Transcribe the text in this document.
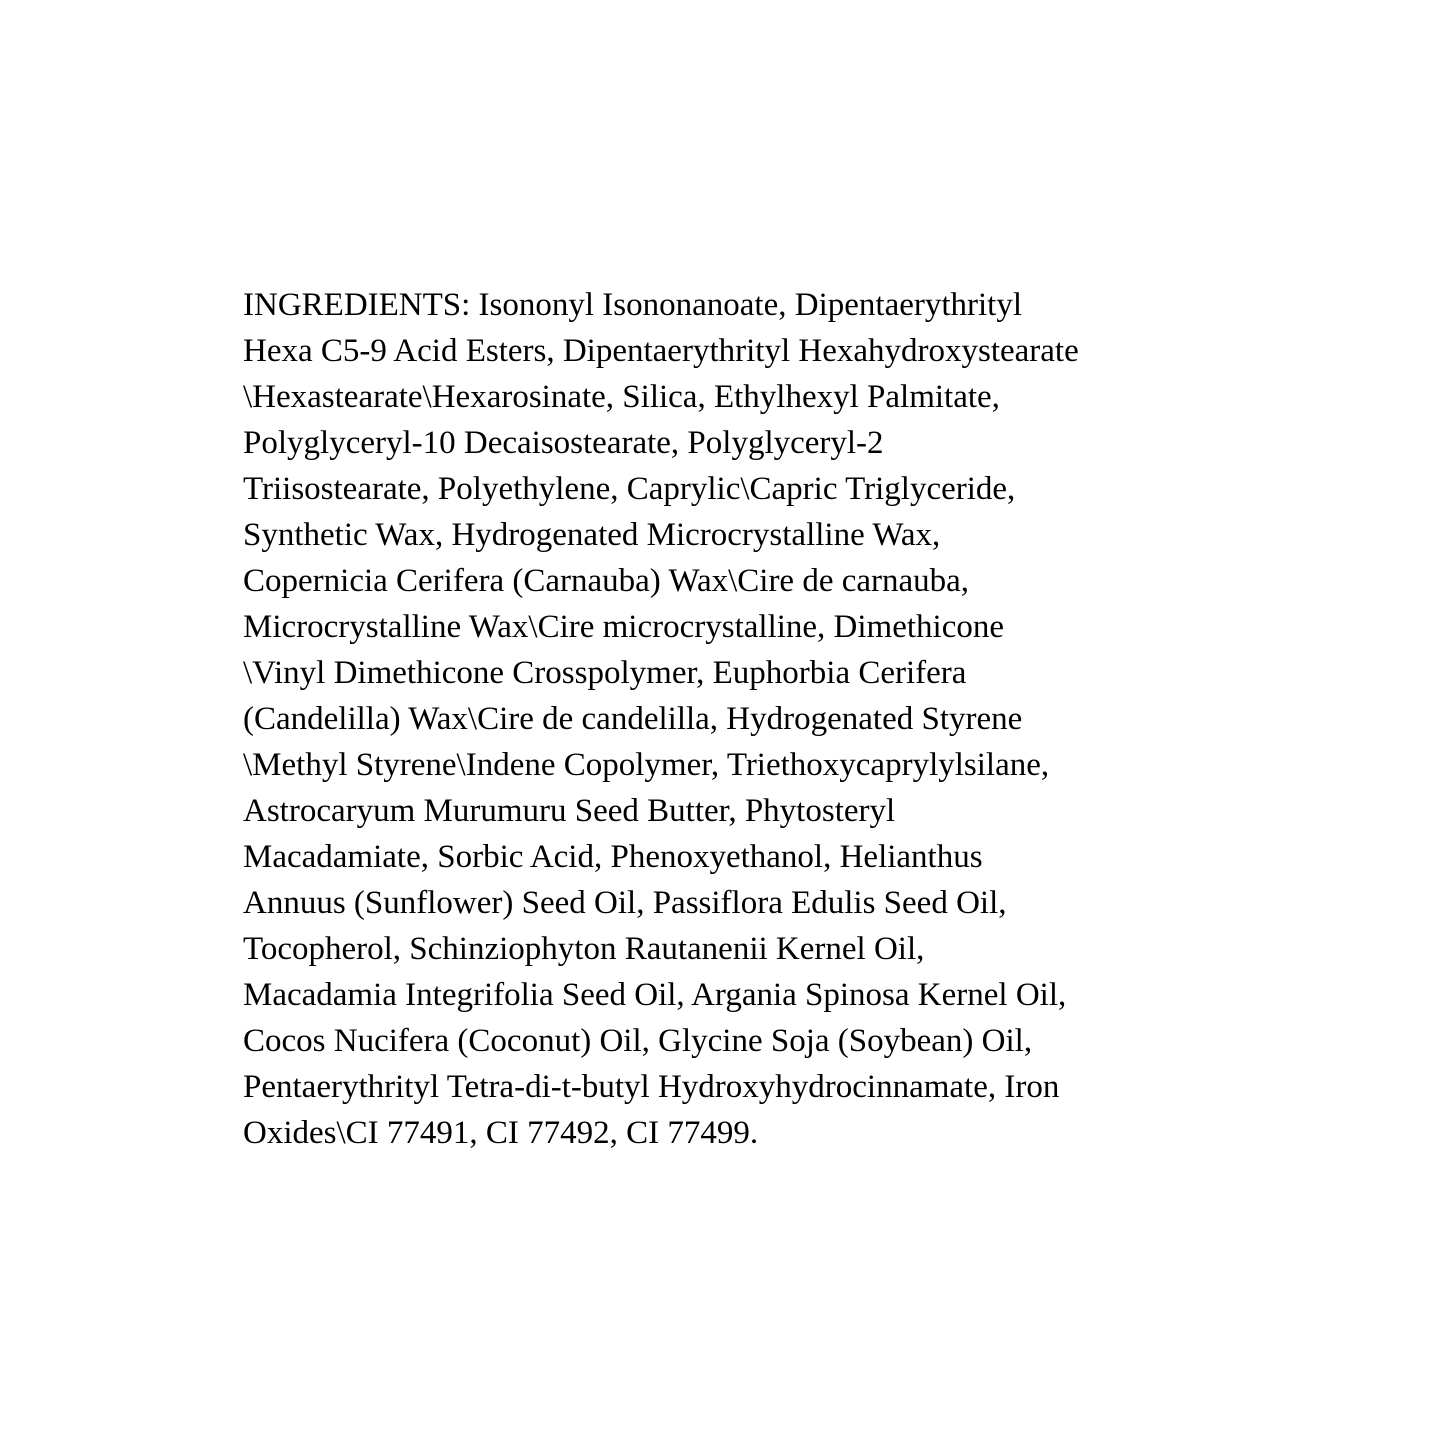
INGREDIENTS: Isononyl Isononanoate, Dipentaerythrityl
Hexa C5-9 Acid Esters, Dipentaerythrityl Hexahydroxystearate
\Hexastearate\Hexarosinate, Silica, Ethylhexyl Palmitate,
Polyglyceryl-10 Decaisostearate, Polyglyceryl-2
Triisostearate, Polyethylene, Caprylic\Capric Triglyceride,
Synthetic Wax, Hydrogenated Microcrystalline Wax,
Copernicia Cerifera (Carnauba) Wax\Cire de carnauba,
Microcrystalline Wax\Cire microcrystalline, Dimethicone
\Vinyl Dimethicone Crosspolymer, Euphorbia Cerifera
(Candelilla) Wax\Cire de candelilla, Hydrogenated Styrene
\Methyl Styrene\Indene Copolymer, Triethoxycaprylylsilane,
Astrocaryum Murumuru Seed Butter, Phytosteryl
Macadamiate, Sorbic Acid, Phenoxyethanol, Helianthus
Annuus (Sunflower) Seed Oil, Passiflora Edulis Seed Oil,
Tocopherol, Schinziophyton Rautanenii Kernel Oil,
Macadamia Integrifolia Seed Oil, Argania Spinosa Kernel Oil,
Cocos Nucifera (Coconut) Oil, Glycine Soja (Soybean) Oil,
Pentaerythrityl Tetra-di-t-butyl Hydroxyhydrocinnamate, Iron
Oxides\CI 77491, CI 77492, CI 77499.
